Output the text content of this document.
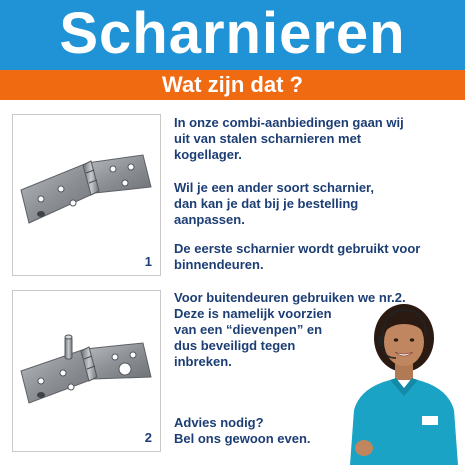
Scharnieren
Wat zijn dat ?
1
2

In onze combi-aanbiedingen gaan wij
uit van stalen scharnieren met
kogellager.

Wil je een ander soort scharnier,
dan kan je dat bij je bestelling
aanpassen.

De eerste scharnier wordt gebruikt voor
binnendeuren.

Voor buitendeuren gebruiken we nr.2.
Deze is namelijk voorzien
van een “dievenpen” en
dus beveiligd tegen
inbreken.

Advies nodig?
Bel ons gewoon even.
